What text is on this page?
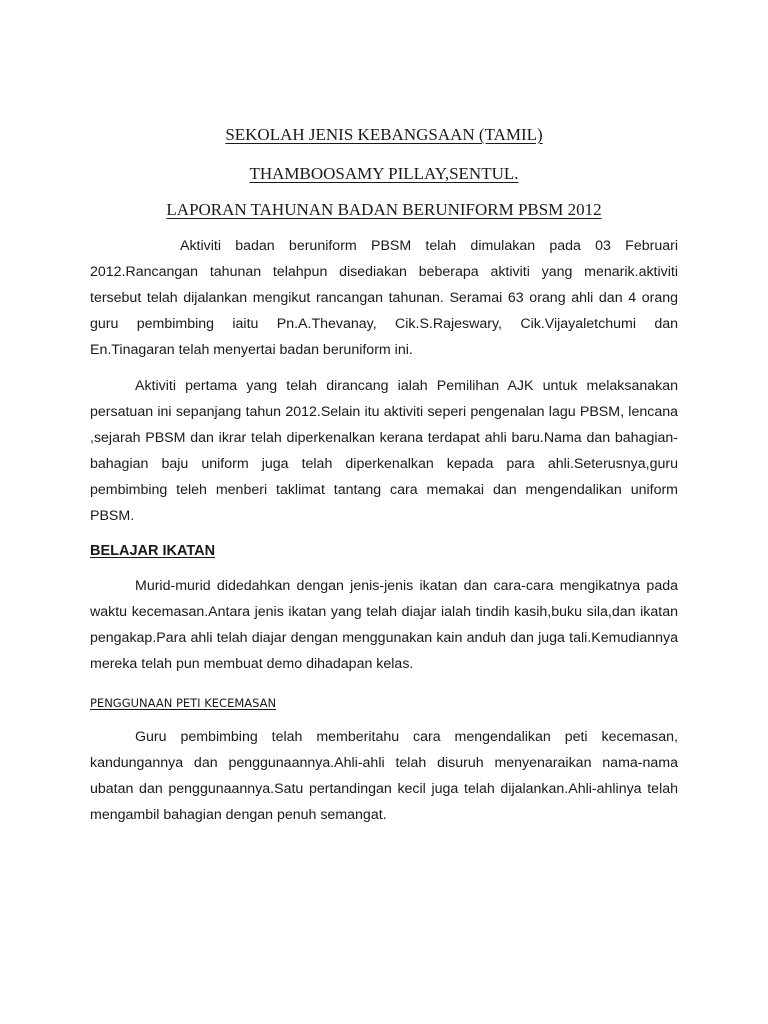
SEKOLAH JENIS KEBANGSAAN (TAMIL)
THAMBOOSAMY PILLAY,SENTUL.
LAPORAN TAHUNAN BADAN BERUNIFORM PBSM 2012

Aktiviti badan beruniform PBSM telah dimulakan pada 03 Februari 2012.Rancangan tahunan telahpun disediakan beberapa aktiviti yang menarik.aktiviti tersebut telah dijalankan mengikut rancangan tahunan. Seramai 63 orang ahli dan 4 orang guru pembimbing iaitu Pn.A.Thevanay, Cik.S.Rajeswary, Cik.Vijayaletchumi dan En.Tinagaran telah menyertai badan beruniform ini.

Aktiviti pertama yang telah dirancang ialah Pemilihan AJK untuk melaksanakan persatuan ini sepanjang tahun 2012.Selain itu aktiviti seperi pengenalan lagu PBSM, lencana ,sejarah PBSM dan ikrar telah diperkenalkan kerana terdapat ahli baru.Nama dan bahagian-bahagian baju uniform juga telah diperkenalkan kepada para ahli.Seterusnya,guru pembimbing teleh menberi taklimat tantang cara memakai dan mengendalikan uniform PBSM.

BELAJAR IKATAN

Murid-murid didedahkan dengan jenis-jenis ikatan dan cara-cara mengikatnya pada waktu kecemasan.Antara jenis ikatan yang telah diajar ialah tindih kasih,buku sila,dan ikatan pengakap.Para ahli telah diajar dengan menggunakan kain anduh dan juga tali.Kemudiannya mereka telah pun membuat demo dihadapan kelas.

PENGGUNAAN PETI KECEMASAN

Guru pembimbing telah memberitahu cara mengendalikan peti kecemasan, kandungannya dan penggunaannya.Ahli-ahli telah disuruh menyenaraikan nama-nama ubatan dan penggunaannya.Satu pertandingan kecil juga telah dijalankan.Ahli-ahlinya telah mengambil bahagian dengan penuh semangat.
